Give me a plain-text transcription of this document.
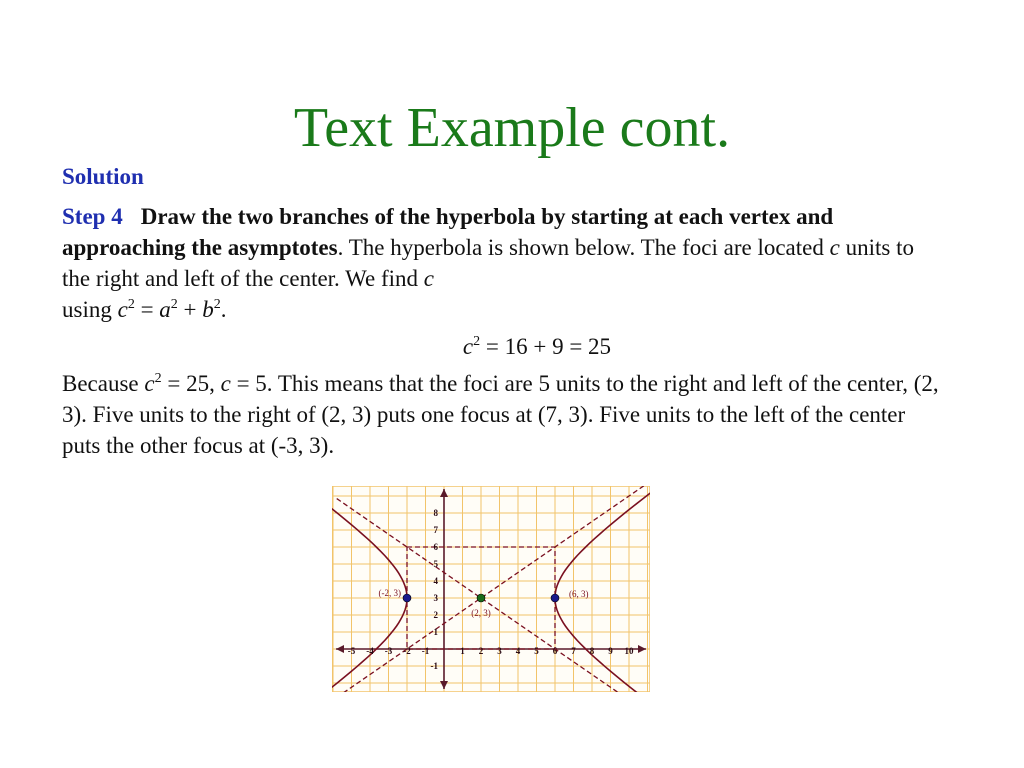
Text Example cont.
Solution

Step 4 Draw the two branches of the hyperbola by starting at each vertex and approaching the asymptotes. The hyperbola is shown below. The foci are located c units to the right and left of the center. We find c
using $c^2 = a^2 + b^2$.

$c^2 = 16 + 9 = 25$

Because $c^2 = 25$, c = 5. This means that the foci are 5 units to the right and left of the center, (2, 3). Five units to the right of (2, 3) puts one focus at (7, 3). Five units to the left of the center puts the other focus at (-3, 3).

-5 -4 -3 -2 -1	1 2 3 4 5 6 7 8 9 10
8
7
6
5
4
3
2
1
-1
(-2, 3)	(6, 3)
(2, 3)
